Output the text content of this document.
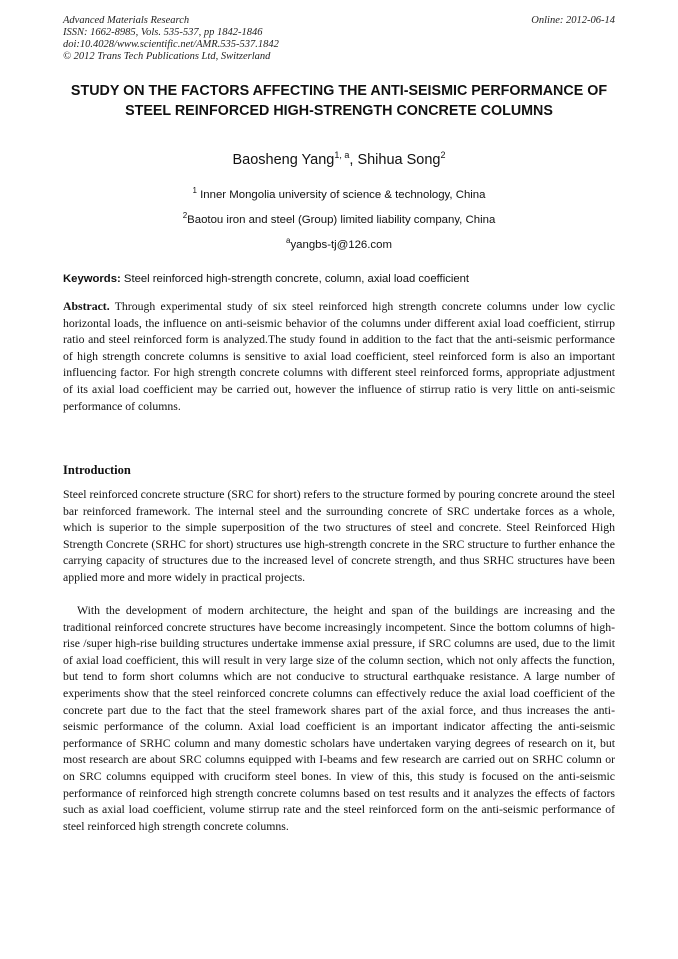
Advanced Materials Research
ISSN: 1662-8985, Vols. 535-537, pp 1842-1846
doi:10.4028/www.scientific.net/AMR.535-537.1842
© 2012 Trans Tech Publications Ltd, Switzerland
Online: 2012-06-14
STUDY ON THE FACTORS AFFECTING THE ANTI-SEISMIC PERFORMANCE OF STEEL REINFORCED HIGH-STRENGTH CONCRETE COLUMNS
Baosheng Yang$^{1, a}$, Shihua Song$^2$
$^1$ Inner Mongolia university of science & technology, China
$^2$Baotou iron and steel (Group) limited liability company, China
$^a$yangbs-tj@126.com
Keywords: Steel reinforced high-strength concrete, column, axial load coefficient
Abstract. Through experimental study of six steel reinforced high strength concrete columns under low cyclic horizontal loads, the influence on anti-seismic behavior of the columns under different axial load coefficient, stirrup ratio and steel reinforced form is analyzed.The study found in addition to the fact that the anti-seismic performance of high strength concrete columns is sensitive to axial load coefficient, steel reinforced form is also an important influencing factor. For high strength concrete columns with different steel reinforced forms, appropriate adjustment of its axial load coefficient may be carried out, however the influence of stirrup ratio is very little on anti-seismic performance of columns.
Introduction
Steel reinforced concrete structure (SRC for short) refers to the structure formed by pouring concrete around the steel bar reinforced framework. The internal steel and the surrounding concrete of SRC undertake forces as a whole, which is superior to the simple superposition of the two structures of steel and concrete. Steel Reinforced High Strength Concrete (SRHC for short) structures use high-strength concrete in the SRC structure to further enhance the carrying capacity of structures due to the increased level of concrete strength, and thus SRHC structures have been applied more and more widely in practical projects.
With the development of modern architecture, the height and span of the buildings are increasing and the traditional reinforced concrete structures have become increasingly incompetent. Since the bottom columns of high-rise /super high-rise building structures undertake immense axial pressure, if SRC columns are used, due to the limit of axial load coefficient, this will result in very large size of the column section, which not only affects the function, but tend to form short columns which are not conducive to structural earthquake resistance. A large number of experiments show that the steel reinforced concrete columns can effectively reduce the axial load coefficient of the concrete part due to the fact that the steel framework shares part of the axial force, and thus increases the anti-seismic performance of the column. Axial load coefficient is an important indicator affecting the anti-seismic performance of SRHC column and many domestic scholars have undertaken varying degrees of research on it, but most research are about SRC columns equipped with I-beams and few research are carried out on SRHC column or on SRC columns equipped with cruciform steel bones. In view of this, this study is focused on the anti-seismic performance of reinforced high strength concrete columns based on test results and it analyzes the effects of factors such as axial load coefficient, volume stirrup rate and the steel reinforced form on the anti-seismic performance of steel reinforced high strength concrete columns.
